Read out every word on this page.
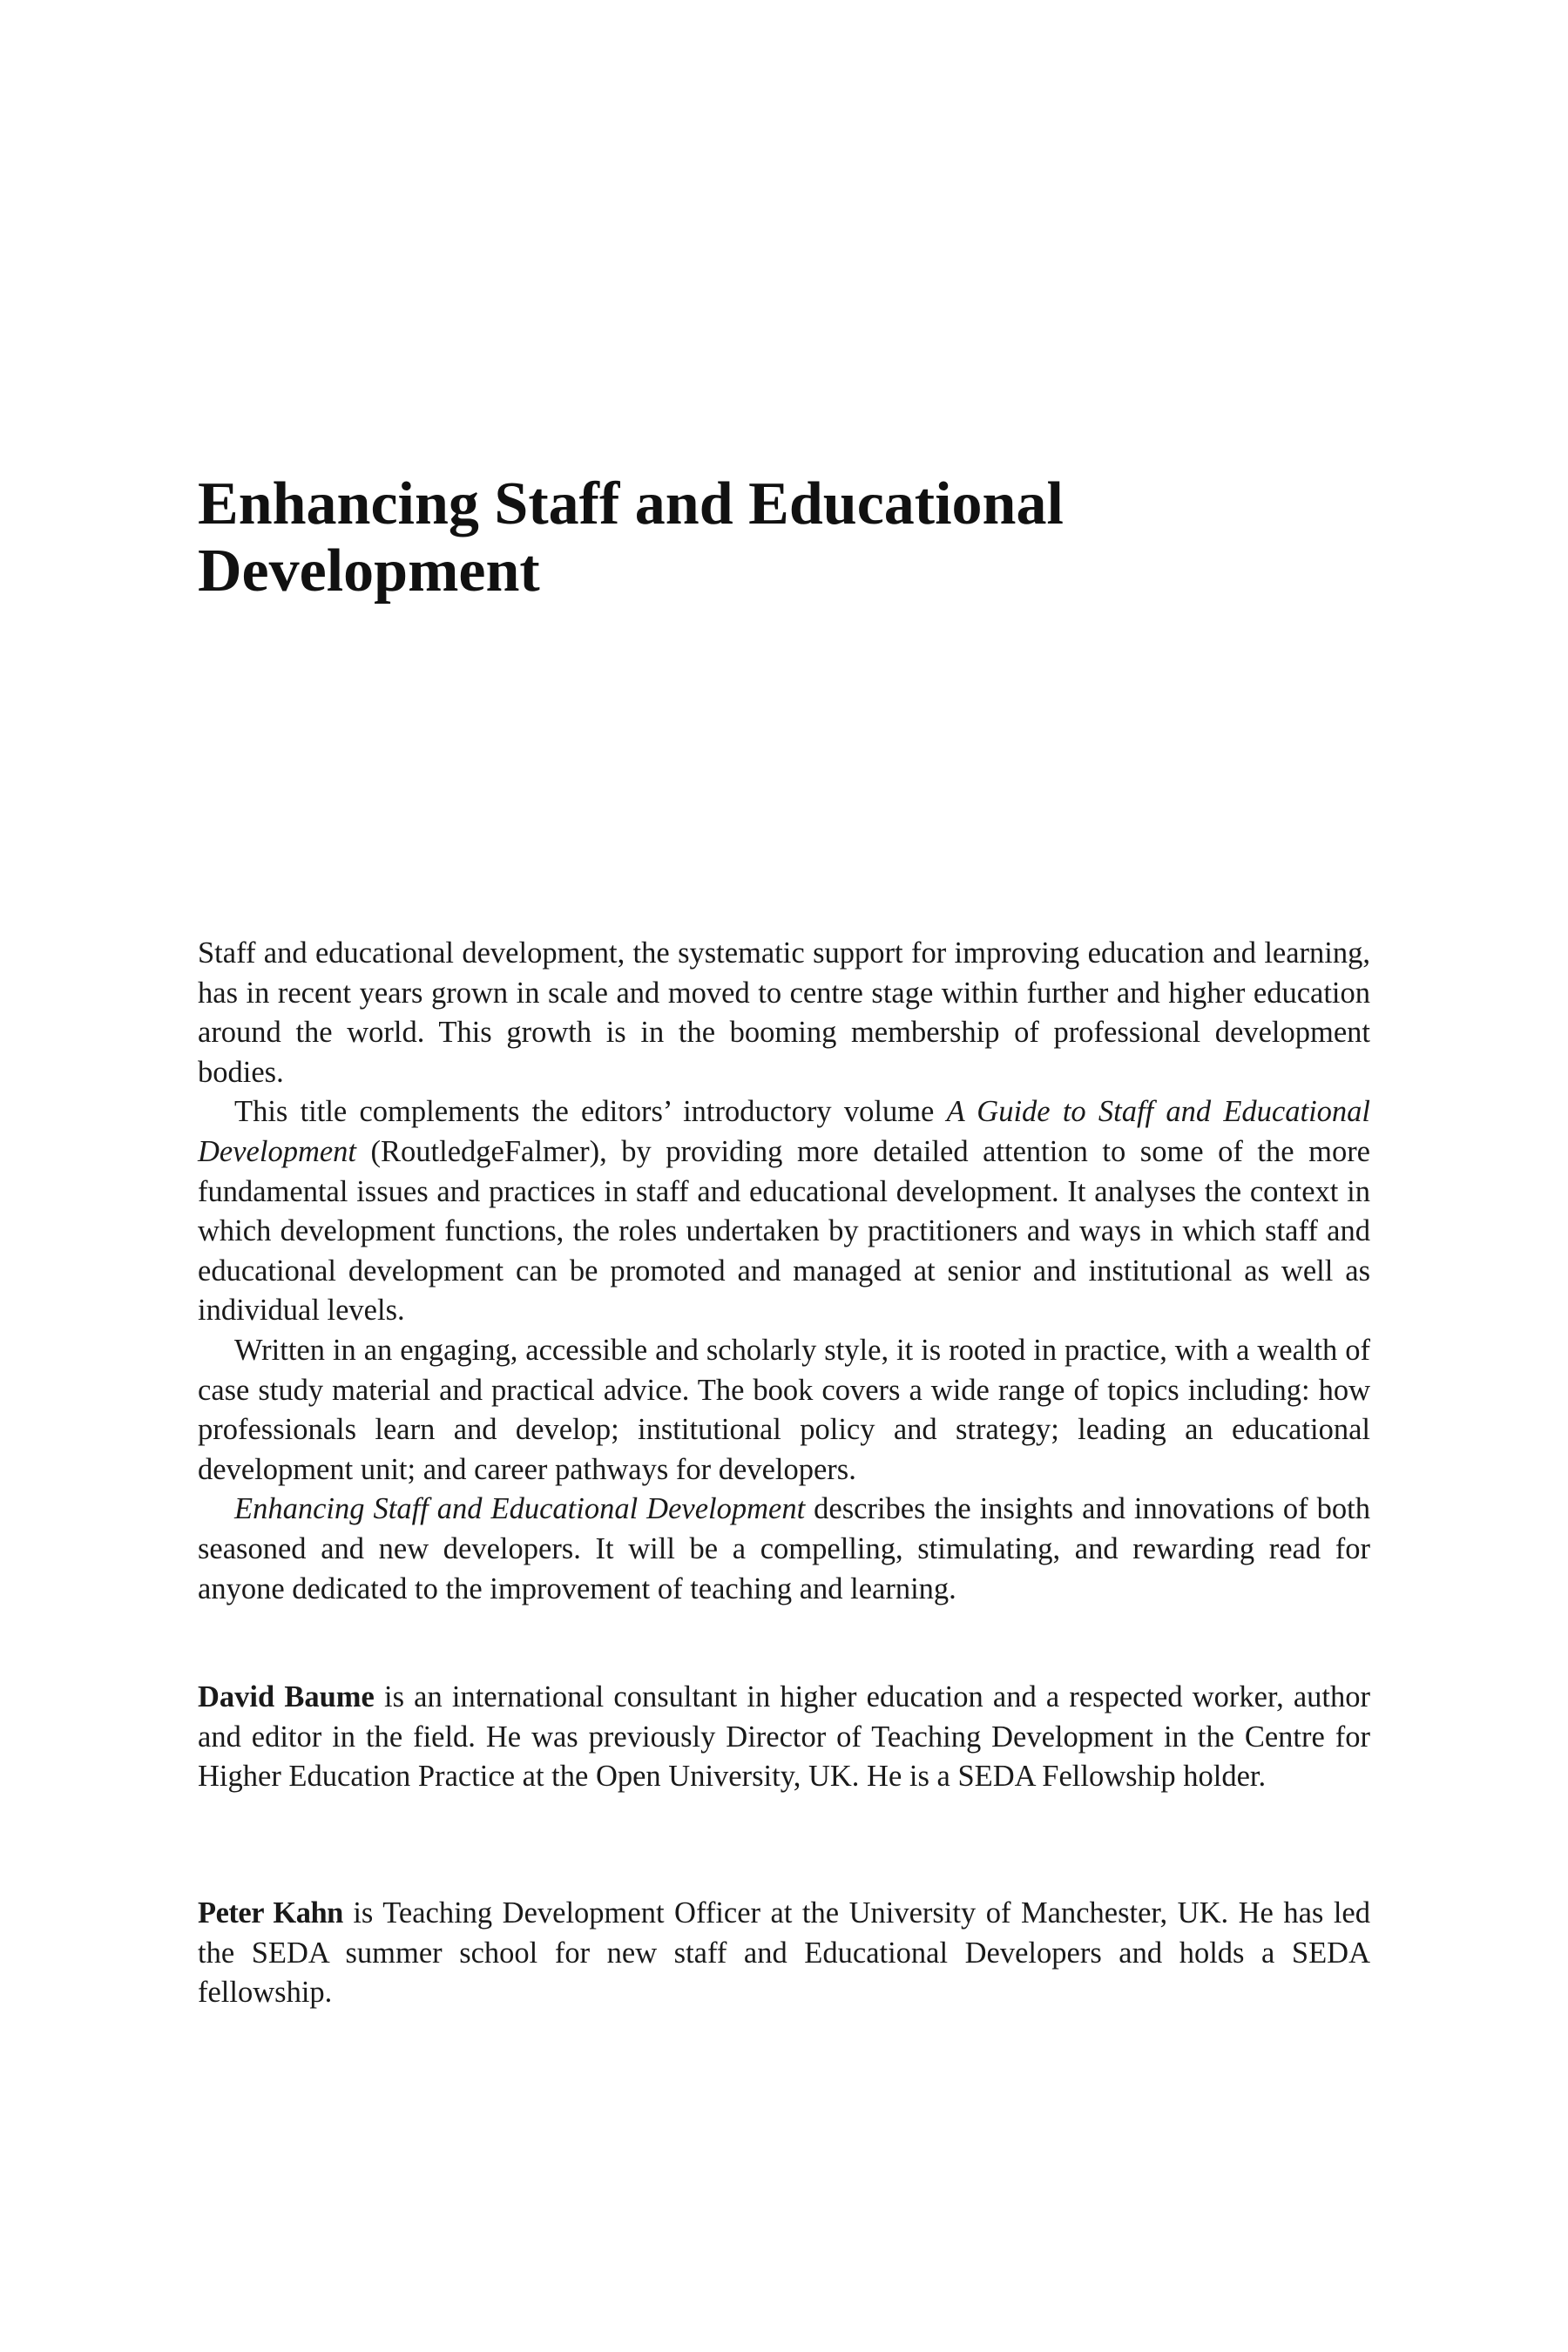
Enhancing Staff and Educational
Development

Staff and educational development, the systematic support for improving education and learning, has in recent years grown in scale and moved to centre stage within further and higher education around the world. This growth is in the booming membership of professional development bodies.

This title complements the editors’ introductory volume A Guide to Staff and Educational Development (RoutledgeFalmer), by providing more detailed attention to some of the more fundamental issues and practices in staff and educational development. It analyses the context in which development functions, the roles undertaken by practitioners and ways in which staff and educational development can be promoted and managed at senior and institutional as well as individual levels.

Written in an engaging, accessible and scholarly style, it is rooted in practice, with a wealth of case study material and practical advice. The book covers a wide range of topics including: how professionals learn and develop; institutional policy and strategy; leading an educational development unit; and career pathways for developers.

Enhancing Staff and Educational Development describes the insights and innovations of both seasoned and new developers. It will be a compelling, stimulating, and rewarding read for anyone dedicated to the improvement of teaching and learning.

David Baume is an international consultant in higher education and a respected worker, author and editor in the field. He was previously Director of Teaching Development in the Centre for Higher Education Practice at the Open University, UK. He is a SEDA Fellowship holder.

Peter Kahn is Teaching Development Officer at the University of Manchester, UK. He has led the SEDA summer school for new staff and Educational Developers and holds a SEDA fellowship.
